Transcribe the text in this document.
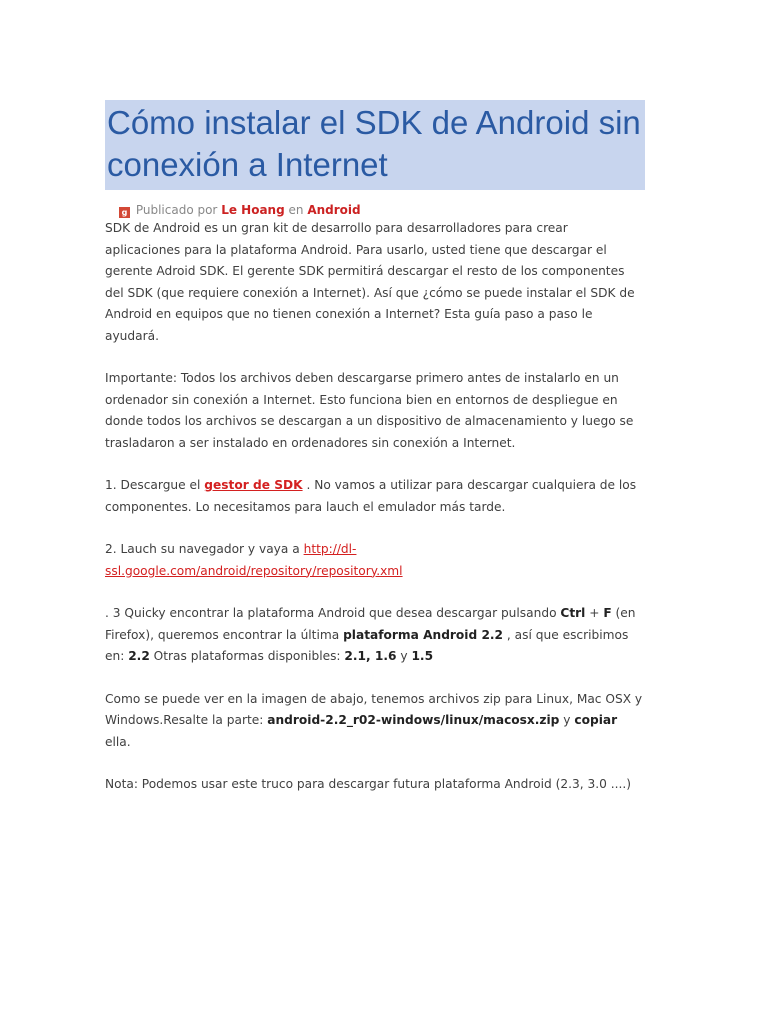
Cómo instalar el SDK de Android sin conexión a Internet
g Publicado por Le Hoang en Android

SDK de Android es un gran kit de desarrollo para desarrolladores para crear aplicaciones para la plataforma Android. Para usarlo, usted tiene que descargar el gerente Adroid SDK. El gerente SDK permitirá descargar el resto de los componentes del SDK (que requiere conexión a Internet). Así que ¿cómo se puede instalar el SDK de Android en equipos que no tienen conexión a Internet? Esta guía paso a paso le ayudará.

Importante: Todos los archivos deben descargarse primero antes de instalarlo en un ordenador sin conexión a Internet. Esto funciona bien en entornos de despliegue en donde todos los archivos se descargan a un dispositivo de almacenamiento y luego se trasladaron a ser instalado en ordenadores sin conexión a Internet.

1. Descargue el gestor de SDK . No vamos a utilizar para descargar cualquiera de los componentes. Lo necesitamos para lauch el emulador más tarde.

2. Lauch su navegador y vaya a http://dl-ssl.google.com/android/repository/repository.xml

. 3 Quicky encontrar la plataforma Android que desea descargar pulsando Ctrl + F (en Firefox), queremos encontrar la última plataforma Android 2.2 , así que escribimos en: 2.2 Otras plataformas disponibles: 2.1, 1.6 y 1.5

Como se puede ver en la imagen de abajo, tenemos archivos zip para Linux, Mac OSX y Windows.Resalte la parte: android-2.2_r02-windows/linux/macosx.zip y copiar ella.

Nota: Podemos usar este truco para descargar futura plataforma Android (2.3, 3.0 ....)
